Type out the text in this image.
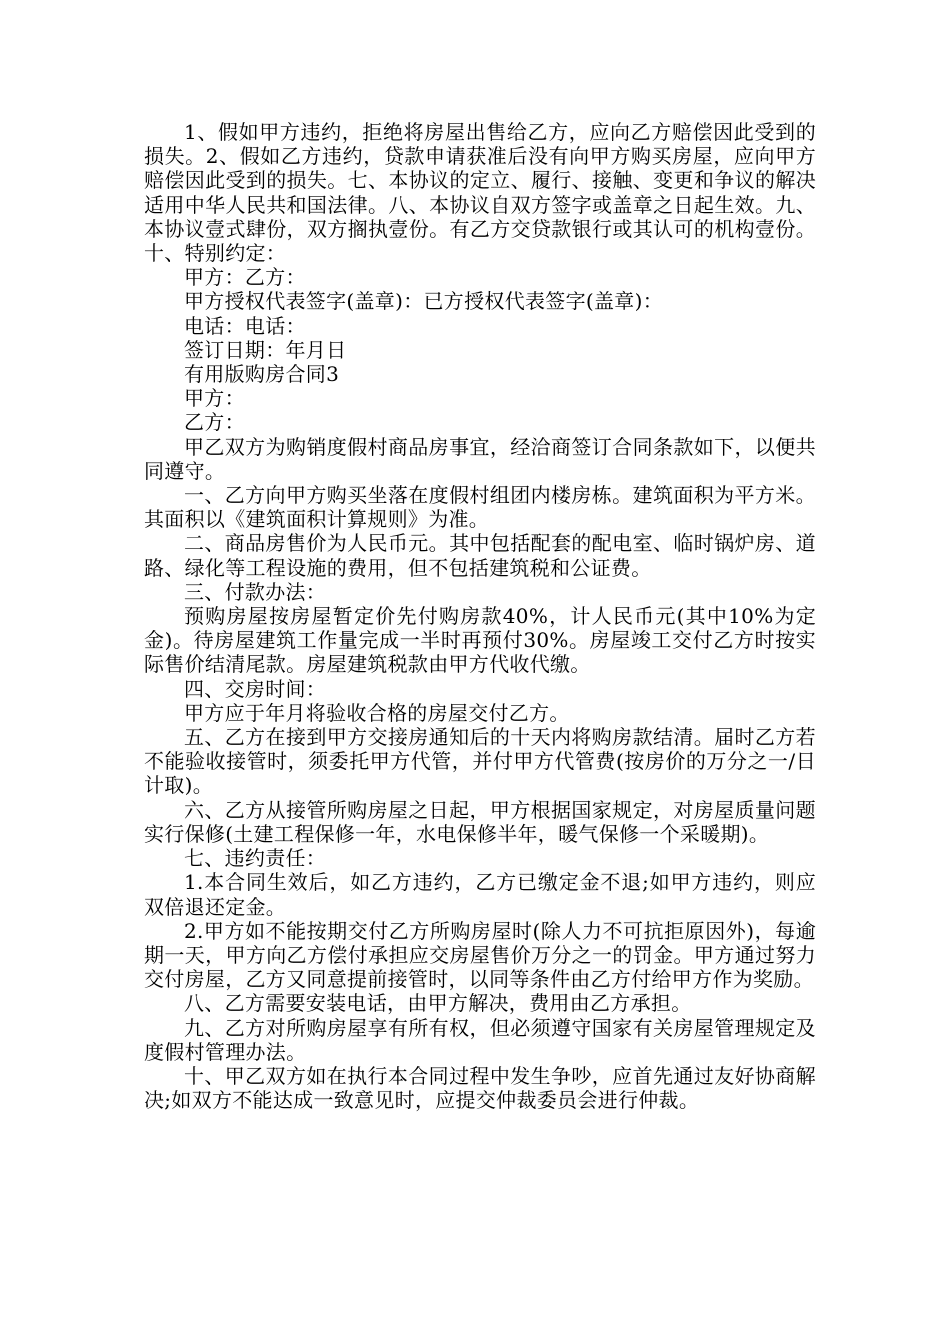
1、假如甲方违约，拒绝将房屋出售给乙方，应向乙方赔偿因此受到的损失。2、假如乙方违约，贷款申请获准后没有向甲方购买房屋，应向甲方赔偿因此受到的损失。七、本协议的定立、履行、接触、变更和争议的解决适用中华人民共和国法律。八、本协议自双方签字或盖章之日起生效。九、本协议壹式肆份，双方搁执壹份。有乙方交贷款银行或其认可的机构壹份。十、特别约定：

甲方：乙方：

甲方授权代表签字(盖章)：已方授权代表签字(盖章)：

电话：电话：

签订日期：年月日

有用版购房合同3

甲方：

乙方：

甲乙双方为购销度假村商品房事宜，经洽商签订合同条款如下，以便共同遵守。

一、乙方向甲方购买坐落在度假村组团内楼房栋。建筑面积为平方米。其面积以《建筑面积计算规则》为准。

二、商品房售价为人民币元。其中包括配套的配电室、临时锅炉房、道路、绿化等工程设施的费用，但不包括建筑税和公证费。

三、付款办法：

预购房屋按房屋暂定价先付购房款40%，计人民币元(其中10%为定金)。待房屋建筑工作量完成一半时再预付30%。房屋竣工交付乙方时按实际售价结清尾款。房屋建筑税款由甲方代收代缴。

四、交房时间：

甲方应于年月将验收合格的房屋交付乙方。

五、乙方在接到甲方交接房通知后的十天内将购房款结清。届时乙方若不能验收接管时，须委托甲方代管，并付甲方代管费(按房价的万分之一/日计取)。

六、乙方从接管所购房屋之日起，甲方根据国家规定，对房屋质量问题实行保修(土建工程保修一年，水电保修半年，暖气保修一个采暖期)。

七、违约责任：

1.本合同生效后，如乙方违约，乙方已缴定金不退;如甲方违约，则应双倍退还定金。

2.甲方如不能按期交付乙方所购房屋时(除人力不可抗拒原因外)，每逾期一天，甲方向乙方偿付承担应交房屋售价万分之一的罚金。甲方通过努力交付房屋，乙方又同意提前接管时，以同等条件由乙方付给甲方作为奖励。

八、乙方需要安装电话，由甲方解决，费用由乙方承担。

九、乙方对所购房屋享有所有权，但必须遵守国家有关房屋管理规定及度假村管理办法。

十、甲乙双方如在执行本合同过程中发生争吵，应首先通过友好协商解决;如双方不能达成一致意见时，应提交仲裁委员会进行仲裁。
